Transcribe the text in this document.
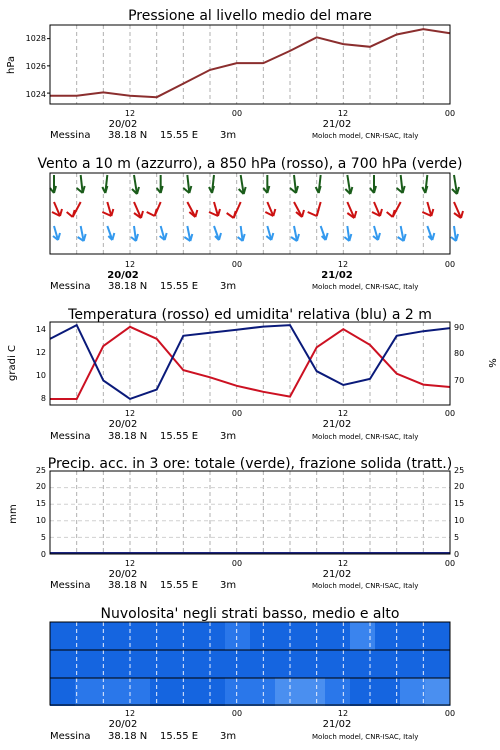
Pressione al livello medio del mare
hPa
1024
1026
1028
12	00	12	00
20/02	21/02
Messina 38.18 N 15.55 E 3m	Moloch model, CNR-ISAC, Italy
Vento a 10 m (azzurro), a 850 hPa (rosso), a 700 hPa (verde)
12	00	12	00
20/02	21/02
Messina 38.18 N 15.55 E 3m	Moloch model, CNR-ISAC, Italy
Temperatura (rosso) ed umidita' relativa (blu) a 2 m
gradi C	%
8
10
12
14
70
80
90
12	00	12	00
20/02	21/02
Messina 38.18 N 15.55 E 3m	Moloch model, CNR-ISAC, Italy
Precip. acc. in 3 ore: totale (verde), frazione solida (tratt.)
mm
0
5
10
15
20
25
0
5
10
15
20
25
12	00	12	00
20/02	21/02
Messina 38.18 N 15.55 E 3m	Moloch model, CNR-ISAC, Italy
Nuvolosita' negli strati basso, medio e alto
12	00	12	00
20/02	21/02
Messina 38.18 N 15.55 E 3m	Moloch model, CNR-ISAC, Italy
